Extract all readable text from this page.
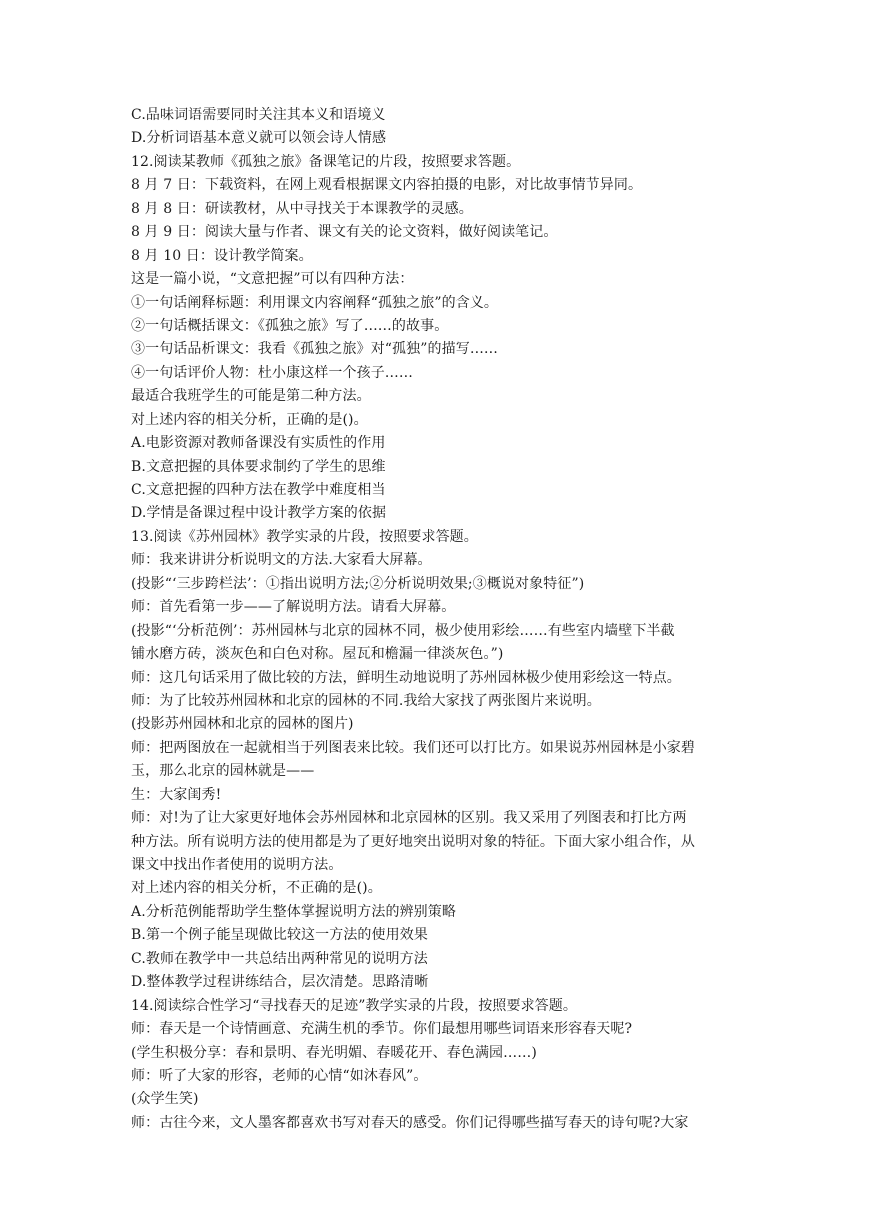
C.品味词语需要同时关注其本义和语境义
D.分析词语基本意义就可以领会诗人情感
12.阅读某教师《孤独之旅》备课笔记的片段，按照要求答题。
8 月 7 日：下载资料，在网上观看根据课文内容拍摄的电影，对比故事情节异同。
8 月 8 日：研读教材，从中寻找关于本课教学的灵感。
8 月 9 日：阅读大量与作者、课文有关的论文资料，做好阅读笔记。
8 月 10 日：设计教学简案。
这是一篇小说，“文意把握”可以有四种方法：
①一句话阐释标题：利用课文内容阐释“孤独之旅”的含义。
②一句话概括课文：《孤独之旅》写了……的故事。
③一句话品析课文：我看《孤独之旅》对“孤独”的描写……
④一句话评价人物：杜小康这样一个孩子……
最适合我班学生的可能是第二种方法。
对上述内容的相关分析，正确的是()。
A.电影资源对教师备课没有实质性的作用
B.文意把握的具体要求制约了学生的思维
C.文意把握的四种方法在教学中难度相当
D.学情是备课过程中设计教学方案的依据
13.阅读《苏州园林》教学实录的片段，按照要求答题。
师：我来讲讲分析说明文的方法.大家看大屏幕。
(投影“‘三步跨栏法’：①指出说明方法;②分析说明效果;③概说对象特征”)
师：首先看第一步——了解说明方法。请看大屏幕。
(投影“‘分析范例’：苏州园林与北京的园林不同，极少使用彩绘……有些室内墙壁下半截
铺水磨方砖，淡灰色和白色对称。屋瓦和檐漏一律淡灰色。”)
师：这几句话采用了做比较的方法，鲜明生动地说明了苏州园林极少使用彩绘这一特点。
师：为了比较苏州园林和北京的园林的不同.我给大家找了两张图片来说明。
(投影苏州园林和北京的园林的图片)
师：把两图放在一起就相当于列图表来比较。我们还可以打比方。如果说苏州园林是小家碧
玉，那么北京的园林就是——
生：大家闺秀!
师：对!为了让大家更好地体会苏州园林和北京园林的区别。我又采用了列图表和打比方两
种方法。所有说明方法的使用都是为了更好地突出说明对象的特征。下面大家小组合作，从
课文中找出作者使用的说明方法。
对上述内容的相关分析，不正确的是()。
A.分析范例能帮助学生整体掌握说明方法的辨别策略
B.第一个例子能呈现做比较这一方法的使用效果
C.教师在教学中一共总结出两种常见的说明方法
D.整体教学过程讲练结合，层次清楚。思路清晰
14.阅读综合性学习“寻找春天的足迹”教学实录的片段，按照要求答题。
师：春天是一个诗情画意、充满生机的季节。你们最想用哪些词语来形容春天呢?
(学生积极分享：春和景明、春光明媚、春暖花开、春色满园……)
师：听了大家的形容，老师的心情“如沐春风”。
(众学生笑)
师：古往今来，文人墨客都喜欢书写对春天的感受。你们记得哪些描写春天的诗句呢?大家
